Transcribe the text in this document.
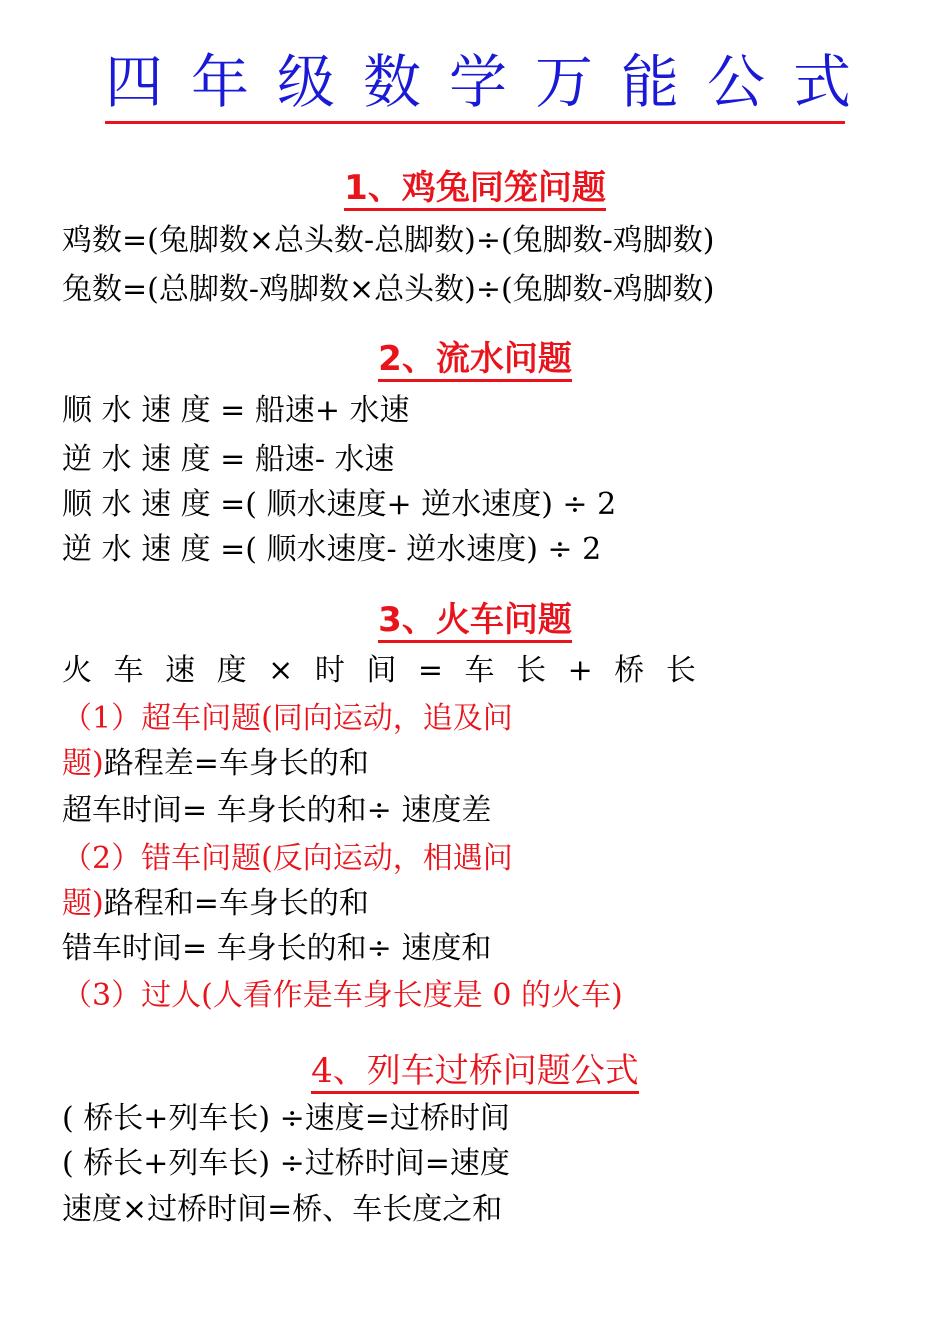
四年级数学万能公式
1、鸡兔同笼问题
鸡数=(兔脚数×总头数-总脚数)÷(兔脚数-鸡脚数)
兔数=(总脚数-鸡脚数×总头数)÷(兔脚数-鸡脚数)
2、流水问题
顺 水 速 度 = 船速+ 水速
逆 水 速 度 = 船速- 水速
顺 水 速 度 =( 顺水速度+ 逆水速度) ÷ 2
逆 水 速 度 =( 顺水速度- 逆水速度) ÷ 2
3、火车问题
火 车 速 度 × 时 间 = 车 长 + 桥 长
（1）超车问题(同向运动，追及问
题)路程差=车身长的和
超车时间= 车身长的和÷ 速度差
（2）错车问题(反向运动，相遇问
题)路程和=车身长的和
错车时间= 车身长的和÷ 速度和
（3）过人(人看作是车身长度是 0 的火车)
4、列车过桥问题公式
( 桥长+列车长) ÷速度=过桥时间
( 桥长+列车长) ÷过桥时间=速度
速度×过桥时间=桥、车长度之和
